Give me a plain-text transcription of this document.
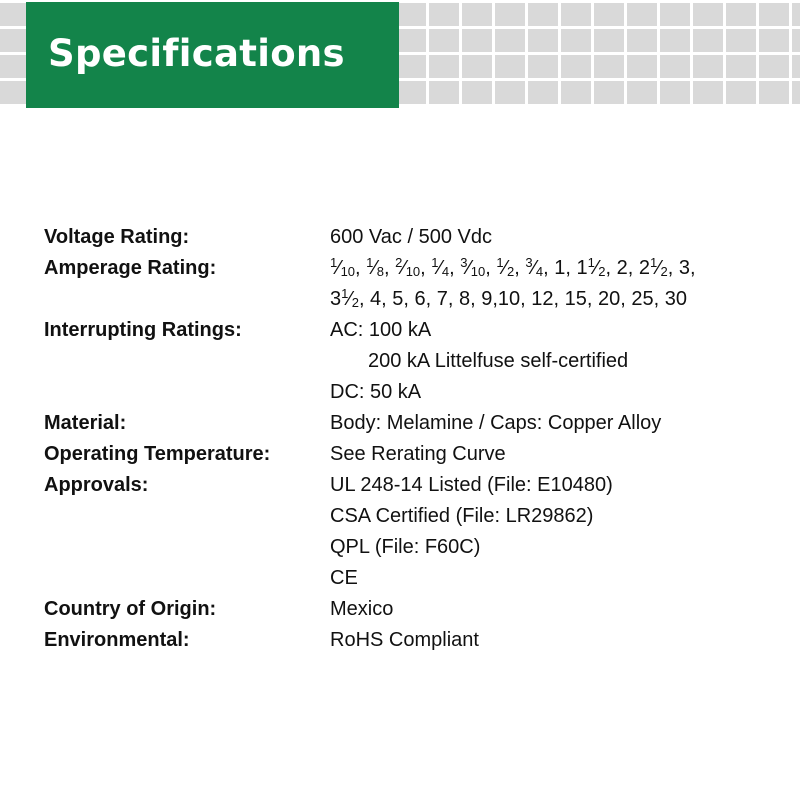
Specifications
Voltage Rating:	600 Vac / 500 Vdc
Amperage Rating:	$^1⁄_{10}$, $^1⁄_8$, $^2⁄_{10}$, $^1⁄_4$, $^3⁄_{10}$, $^1⁄_2$, $^3⁄_4$, 1, $1^1⁄_2$, 2, $2^1⁄_2$, 3,
$3^1⁄_2$, 4, 5, 6, 7, 8, 9,10, 12, 15, 20, 25, 30
Interrupting Ratings:	AC: 100 kA
200 kA Littelfuse self-certified
DC: 50 kA
Material:	Body: Melamine / Caps: Copper Alloy
Operating Temperature:	See Rerating Curve
Approvals:	UL 248-14 Listed (File: E10480)
CSA Certified (File: LR29862)
QPL (File: F60C)
CE
Country of Origin:	Mexico
Environmental:	RoHS Compliant
